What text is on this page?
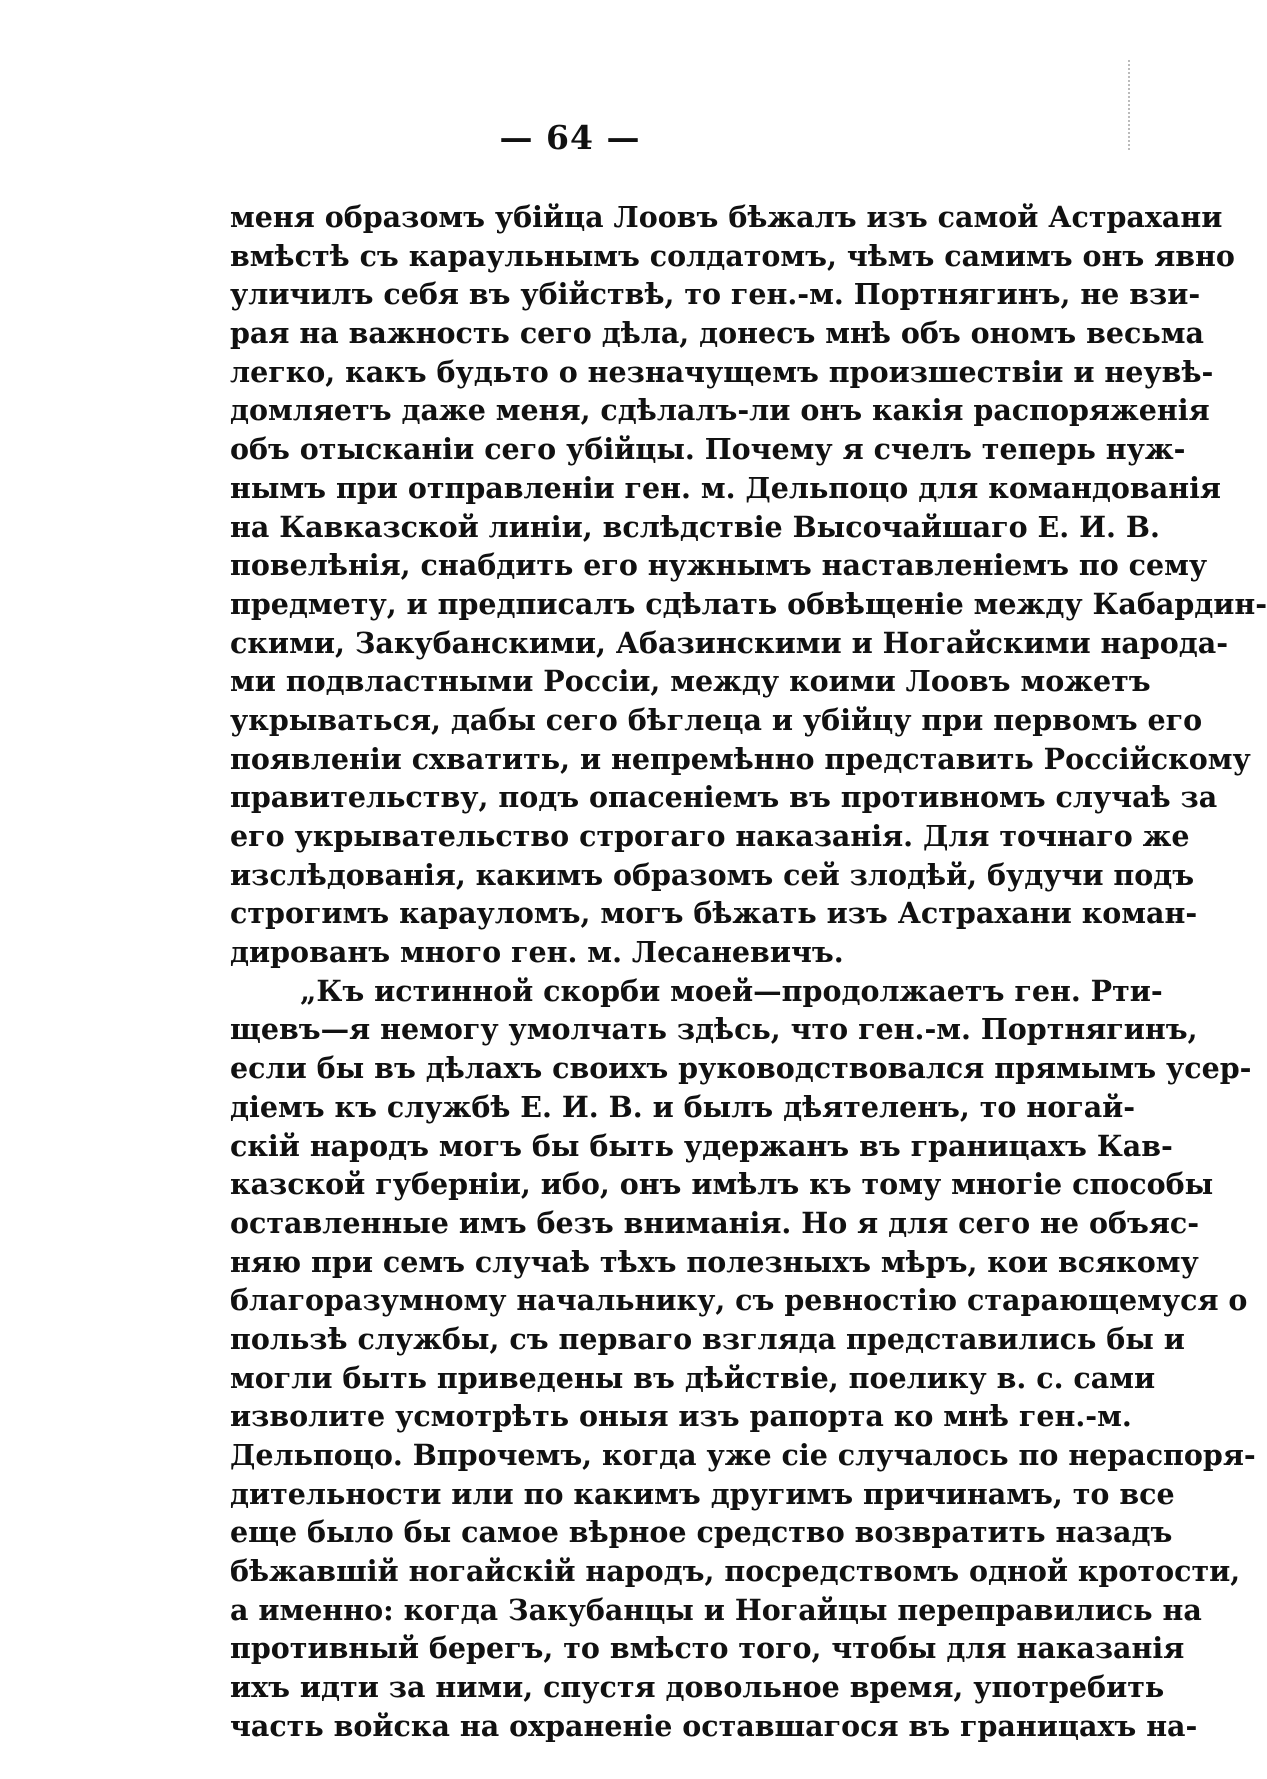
— 64 —
меня образомъ убійца Лоовъ бѣжалъ изъ самой Астрахани
вмѣстѣ съ караульнымъ солдатомъ, чѣмъ самимъ онъ явно
уличилъ себя въ убійствѣ, то ген.-м. Портнягинъ, не взи-
рая на важность сего дѣла, донесъ мнѣ объ ономъ весьма
легко, какъ будьто о незначущемъ произшествіи и неувѣ-
домляетъ даже меня, сдѣлалъ-ли онъ какія распоряженія
объ отысканіи сего убійцы. Почему я счелъ теперь нуж-
нымъ при отправленіи ген. м. Дельпоцо для командованія
на Кавказской линіи, вслѣдствіе Высочайшаго Е. И. В.
повелѣнія, снабдить его нужнымъ наставленіемъ по сему
предмету, и предписалъ сдѣлать обвѣщеніе между Кабардин-
скими, Закубанскими, Абазинскими и Ногайскими народа-
ми подвластными Россіи, между коими Лоовъ можетъ
укрываться, дабы сего бѣглеца и убійцу при первомъ его
появленіи схватить, и непремѣнно представить Россійскому
правительству, подъ опасеніемъ въ противномъ случаѣ за
его укрывательство строгаго наказанія. Для точнаго же
изслѣдованія, какимъ образомъ сей злодѣй, будучи подъ
строгимъ карауломъ, могъ бѣжать изъ Астрахани коман-
дированъ много ген. м. Лесаневичъ.
„Къ истинной скорби моей—продолжаетъ ген. Рти-
щевъ—я немогу умолчать здѣсь, что ген.-м. Портнягинъ,
если бы въ дѣлахъ своихъ руководствовался прямымъ усер-
діемъ къ службѣ Е. И. В. и былъ дѣятеленъ, то ногай-
скій народъ могъ бы быть удержанъ въ границахъ Кав-
казской губерніи, ибо, онъ имѣлъ къ тому многіе способы
оставленные имъ безъ вниманія. Но я для сего не объяс-
няю при семъ случаѣ тѣхъ полезныхъ мѣръ, кои всякому
благоразумному начальнику, съ ревностію старающемуся о
пользѣ службы, съ перваго взгляда представились бы и
могли быть приведены въ дѣйствіе, поелику в. с. сами
изволите усмотрѣть оныя изъ рапорта ко мнѣ ген.-м.
Дельпоцо. Впрочемъ, когда уже сіе случалось по нераспоря-
дительности или по какимъ другимъ причинамъ, то все
еще было бы самое вѣрное средство возвратить назадъ
бѣжавшій ногайскій народъ, посредствомъ одной кротости,
а именно: когда Закубанцы и Ногайцы переправились на
противный берегъ, то вмѣсто того, чтобы для наказанія
ихъ идти за ними, спустя довольное время, употребить
часть войска на охраненіе оставшагося въ границахъ на-
